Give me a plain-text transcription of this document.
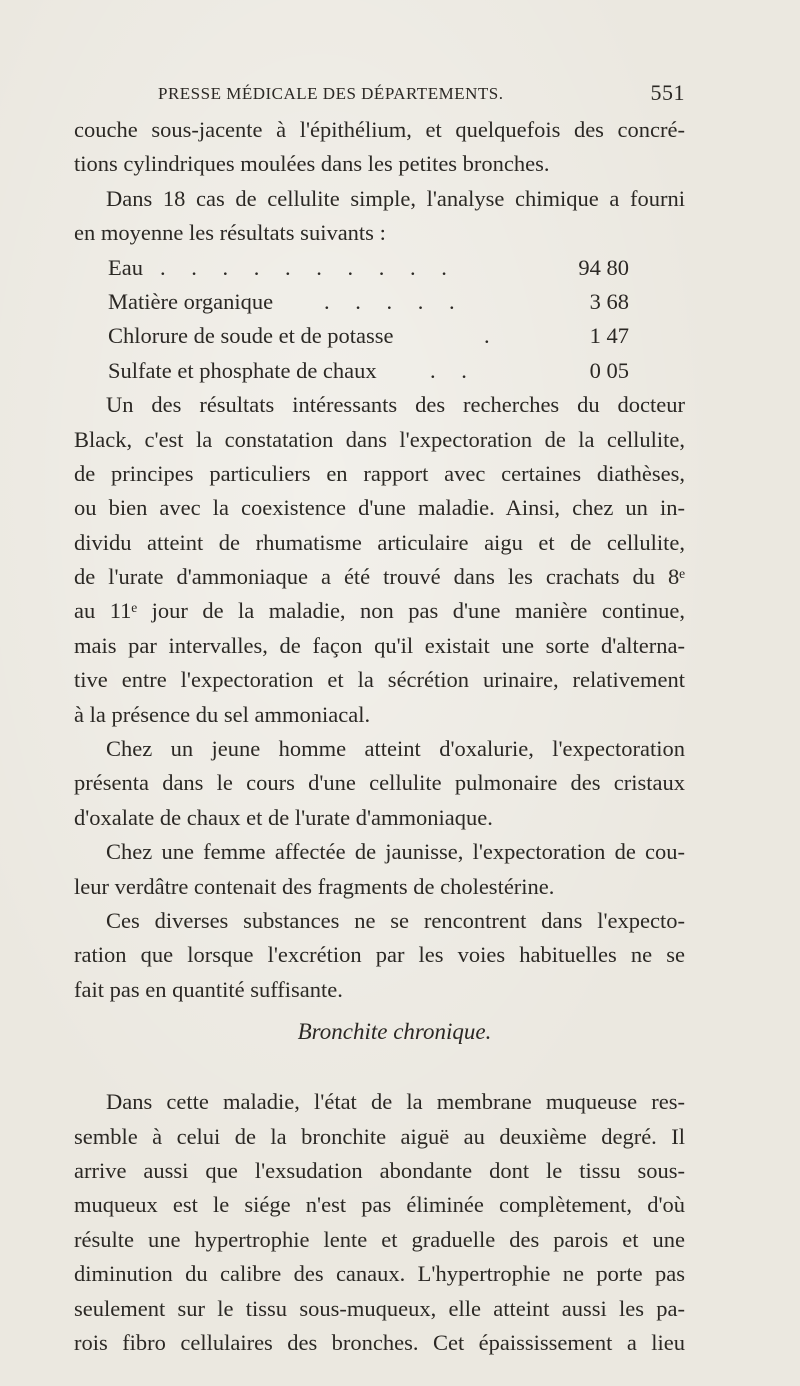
PRESSE MÉDICALE DES DÉPARTEMENTS.	551
couche sous-jacente à l'épithélium, et quelquefois des concré-
tions cylindriques moulées dans les petites bronches.
Dans 18 cas de cellulite simple, l'analyse chimique a fourni
en moyenne les résultats suivants :
Eau . . . . . . . . . .	94 80
Matière organique . . . . .	3 68
Chlorure de soude et de potasse	.	1 47
Sulfate et phosphate de chaux . .	0 05
Un des résultats intéressants des recherches du docteur
Black, c'est la constatation dans l'expectoration de la cellulite,
de principes particuliers en rapport avec certaines diathèses,
ou bien avec la coexistence d'une maladie. Ainsi, chez un in-
dividu atteint de rhumatisme articulaire aigu et de cellulite,
de l'urate d'ammoniaque a été trouvé dans les crachats du 8ᵉ
au 11ᵉ jour de la maladie, non pas d'une manière continue,
mais par intervalles, de façon qu'il existait une sorte d'alterna-
tive entre l'expectoration et la sécrétion urinaire, relativement
à la présence du sel ammoniacal.
Chez un jeune homme atteint d'oxalurie, l'expectoration
présenta dans le cours d'une cellulite pulmonaire des cristaux
d'oxalate de chaux et de l'urate d'ammoniaque.
Chez une femme affectée de jaunisse, l'expectoration de cou-
leur verdâtre contenait des fragments de cholestérine.
Ces diverses substances ne se rencontrent dans l'expecto-
ration que lorsque l'excrétion par les voies habituelles ne se
fait pas en quantité suffisante.
Bronchite chronique.
Dans cette maladie, l'état de la membrane muqueuse res-
semble à celui de la bronchite aiguë au deuxième degré. Il
arrive aussi que l'exsudation abondante dont le tissu sous-
muqueux est le siége n'est pas éliminée complètement, d'où
résulte une hypertrophie lente et graduelle des parois et une
diminution du calibre des canaux. L'hypertrophie ne porte pas
seulement sur le tissu sous-muqueux, elle atteint aussi les pa-
rois fibro cellulaires des bronches. Cet épaississement a lieu
